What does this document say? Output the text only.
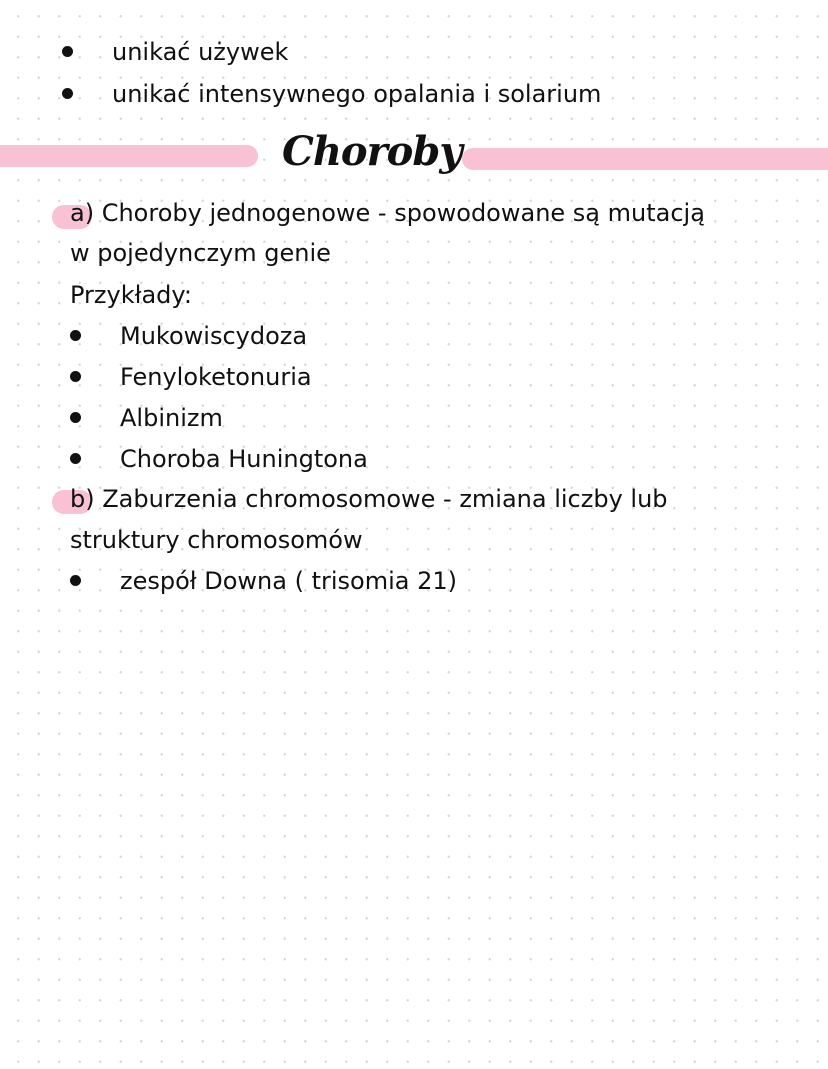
unikać używek
unikać intensywnego opalania i solarium
Choroby
a) Choroby jednogenowe - spowodowane są mutacją
w pojedynczym genie
Przykłady:
Mukowiscydoza
Fenyloketonuria
Albinizm
Choroba Huningtona
b) Zaburzenia chromosomowe - zmiana liczby lub
struktury chromosomów
zespół Downa ( trisomia 21)
